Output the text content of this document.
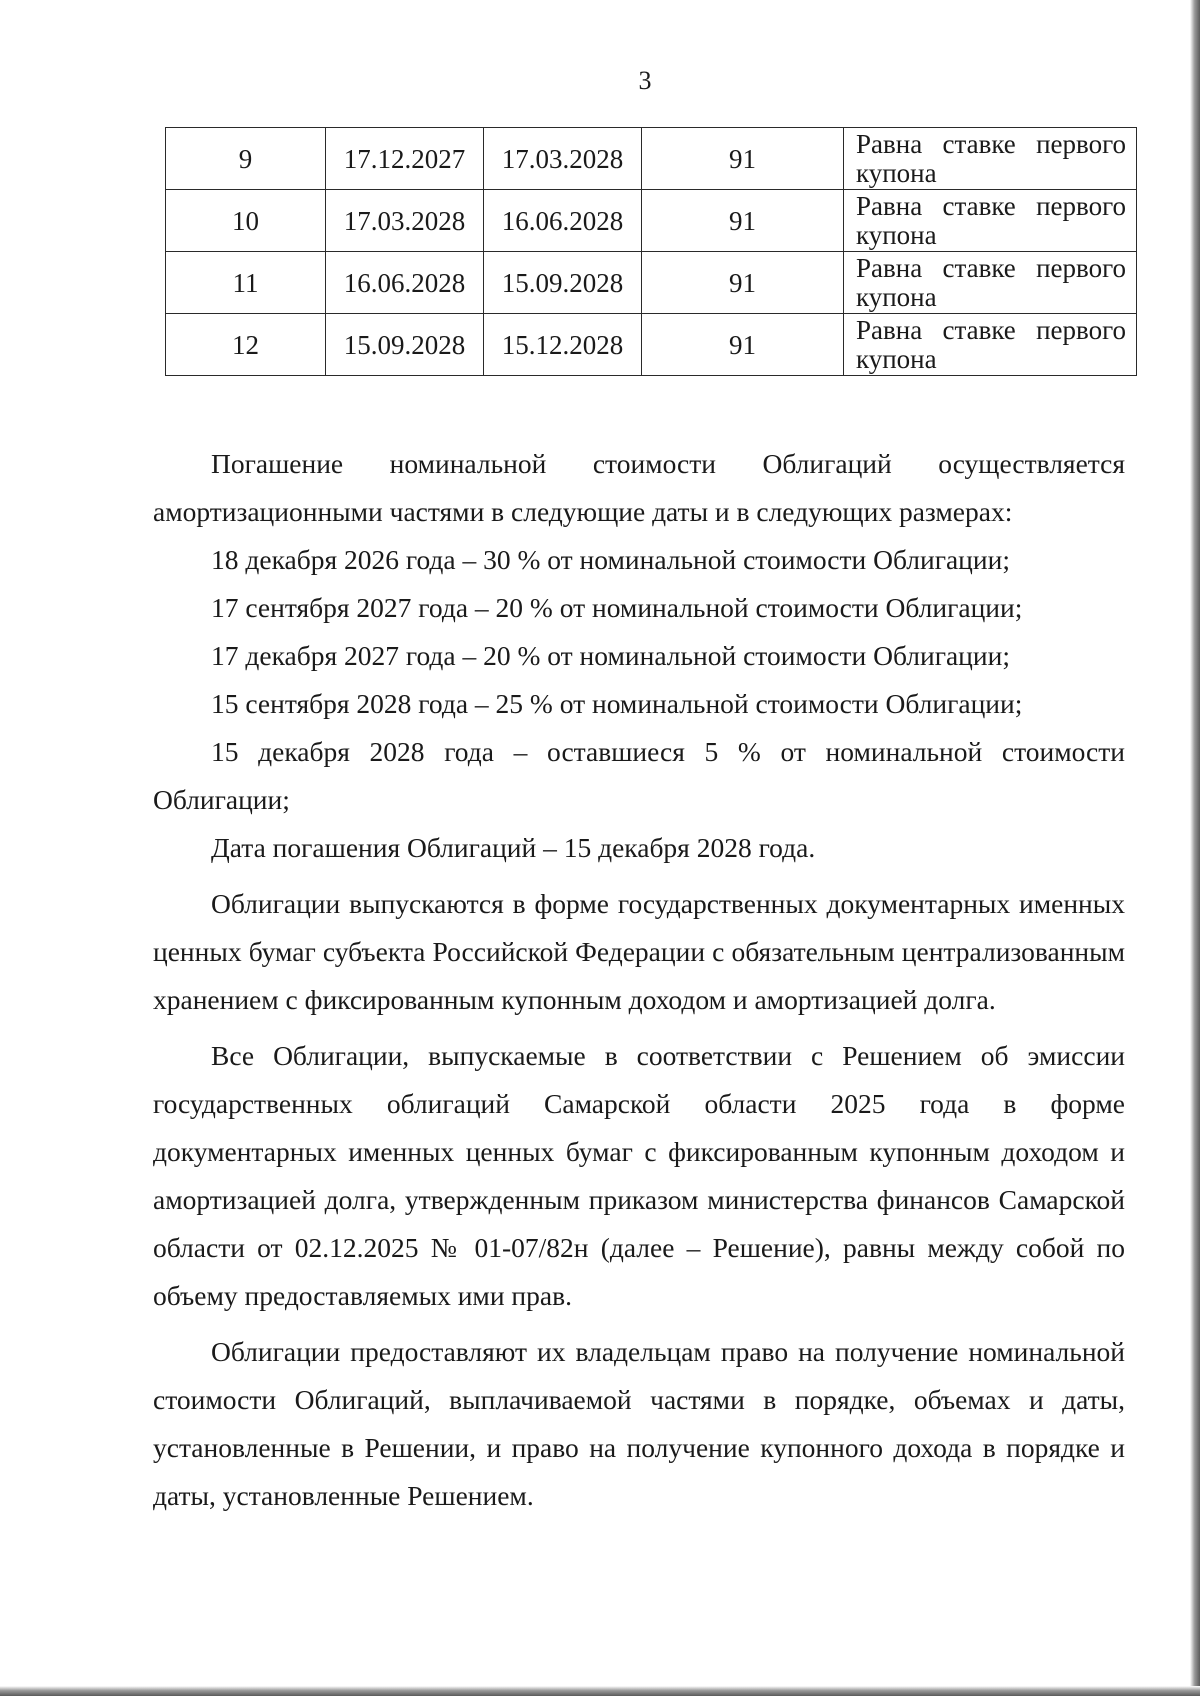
3
9	17.12.2027	17.03.2028	91	Равна ставке первого
купона

10	17.03.2028	16.06.2028	91	Равна ставке первого
купона

11	16.06.2028	15.09.2028	91	Равна ставке первого
купона

12	15.09.2028	15.12.2028	91	Равна ставке первого
купона

Погашение номинальной стоимости Облигаций осуществляется амортизационными частями в следующие даты и в следующих размерах:

18 декабря 2026 года – 30 % от номинальной стоимости Облигации;

17 сентября 2027 года – 20 % от номинальной стоимости Облигации;

17 декабря 2027 года – 20 % от номинальной стоимости Облигации;

15 сентября 2028 года – 25 % от номинальной стоимости Облигации;

15 декабря 2028 года – оставшиеся 5 % от номинальной стоимости Облигации;

Дата погашения Облигаций – 15 декабря 2028 года.

Облигации выпускаются в форме государственных документарных именных ценных бумаг субъекта Российской Федерации с обязательным централизованным хранением с фиксированным купонным доходом и амортизацией долга.

Все Облигации, выпускаемые в соответствии с Решением об эмиссии государственных облигаций Самарской области 2025 года в форме документарных именных ценных бумаг с фиксированным купонным доходом и амортизацией долга, утвержденным приказом министерства финансов Самарской области от 02.12.2025 № 01-07/82н (далее – Решение), равны между собой по объему предоставляемых ими прав.

Облигации предоставляют их владельцам право на получение номинальной стоимости Облигаций, выплачиваемой частями в порядке, объемах и даты, установленные в Решении, и право на получение купонного дохода в порядке и даты, установленные Решением.
